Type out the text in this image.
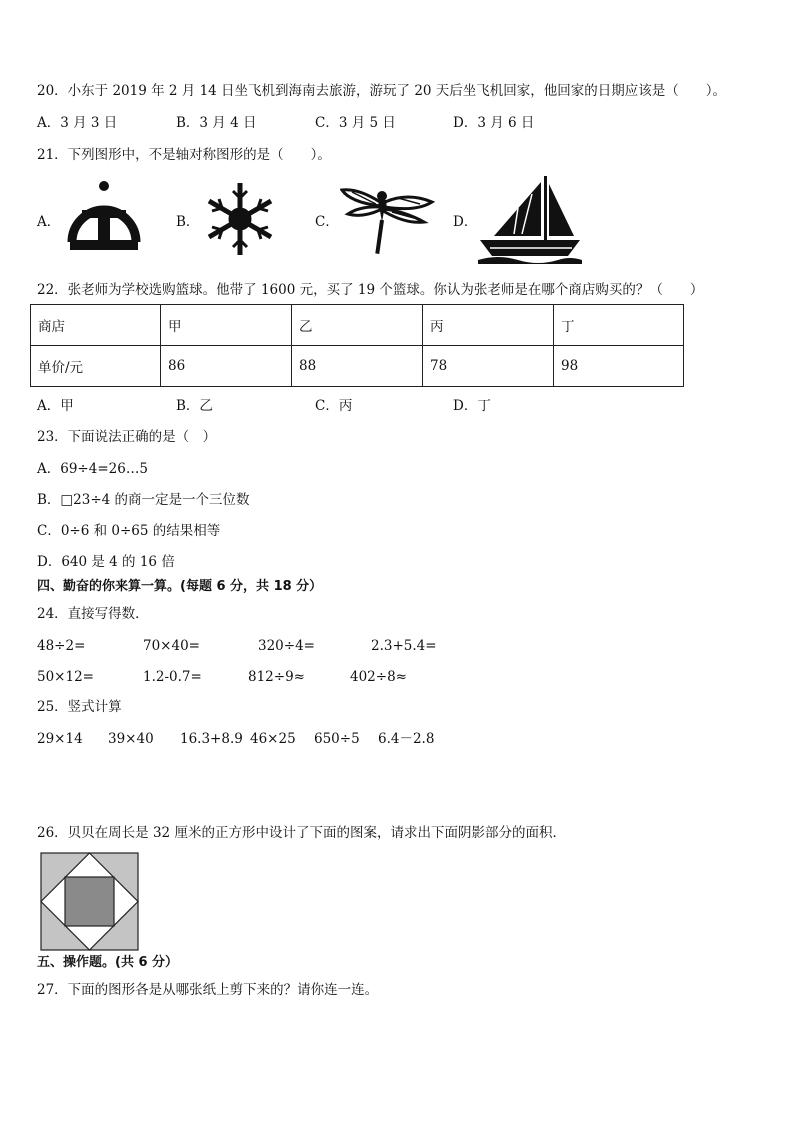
20．小东于 2019 年 2 月 14 日坐飞机到海南去旅游，游玩了 20 天后坐飞机回家，他回家的日期应该是（　　）。
A．3 月 3 日	B．3 月 4 日	C．3 月 5 日	D．3 月 6 日
21．下列图形中，不是轴对称图形的是（　　）。
A．	B．	C．	D．
22．张老师为学校选购篮球。他带了 1600 元，买了 19 个篮球。你认为张老师是在哪个商店购买的？（　　）
商店	甲	乙	丙	丁
单价/元	86	88	78	98
A．甲	B．乙	C．丙	D．丁
23．下面说法正确的是（　）
A．69÷4=26…5
B．□23÷4 的商一定是一个三位数
C．0÷6 和 0÷65 的结果相等
D．640 是 4 的 16 倍
四、勤奋的你来算一算。(每题 6 分，共 18 分）
24．直接写得数．
48÷2=	70×40=	320÷4=	2.3+5.4=
50×12=	1.2-0.7=	812÷9≈	402÷8≈
25．竖式计算
29×14 39×40 16.3+8.9 46×25 650÷5 6.4－2.8
26．贝贝在周长是 32 厘米的正方形中设计了下面的图案，请求出下面阴影部分的面积．
五、操作题。(共 6 分）
27．下面的图形各是从哪张纸上剪下来的？请你连一连。
